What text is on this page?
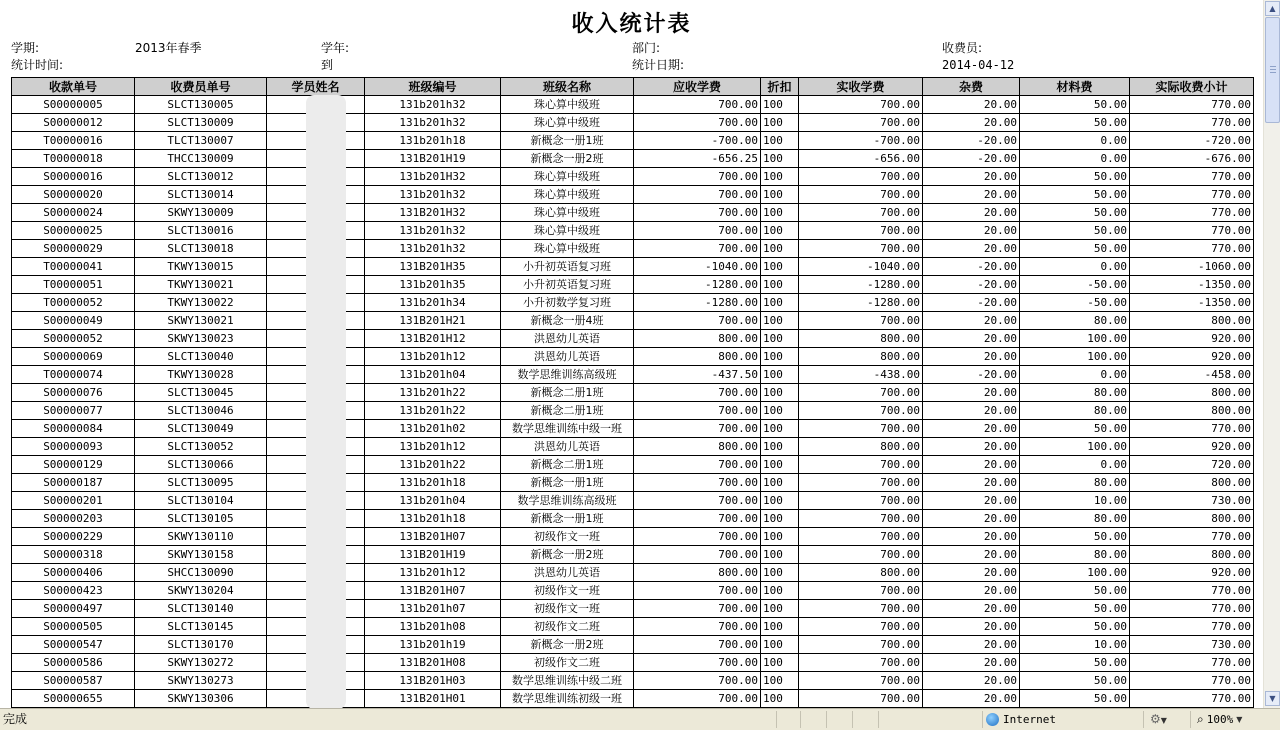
收入统计表
学期:	2013年春季	学年:	部门:	收费员:
统计时间:	到	统计日期:	2014-04-12
收款单号	收费员单号	学员姓名	班级编号	班级名称	应收学费	折扣	实收学费	杂费	材料费	实际收费小计
S00000005	SLCT130005		131b201h32	珠心算中级班	700.00	100	700.00	20.00	50.00	770.00
S00000012	SLCT130009		131b201h32	珠心算中级班	700.00	100	700.00	20.00	50.00	770.00
T00000016	TLCT130007		131b201h18	新概念一册1班	-700.00	100	-700.00	-20.00	0.00	-720.00
T00000018	THCC130009		131B201H19	新概念一册2班	-656.25	100	-656.00	-20.00	0.00	-676.00
S00000016	SLCT130012		131b201H32	珠心算中级班	700.00	100	700.00	20.00	50.00	770.00
S00000020	SLCT130014		131b201h32	珠心算中级班	700.00	100	700.00	20.00	50.00	770.00
S00000024	SKWY130009		131B201H32	珠心算中级班	700.00	100	700.00	20.00	50.00	770.00
S00000025	SLCT130016		131b201h32	珠心算中级班	700.00	100	700.00	20.00	50.00	770.00
S00000029	SLCT130018		131b201h32	珠心算中级班	700.00	100	700.00	20.00	50.00	770.00
T00000041	TKWY130015		131B201H35	小升初英语复习班	-1040.00	100	-1040.00	-20.00	0.00	-1060.00
T00000051	TKWY130021		131b201h35	小升初英语复习班	-1280.00	100	-1280.00	-20.00	-50.00	-1350.00
T00000052	TKWY130022		131b201h34	小升初数学复习班	-1280.00	100	-1280.00	-20.00	-50.00	-1350.00
S00000049	SKWY130021		131B201H21	新概念一册4班	700.00	100	700.00	20.00	80.00	800.00
S00000052	SKWY130023		131B201H12	洪恩幼儿英语	800.00	100	800.00	20.00	100.00	920.00
S00000069	SLCT130040		131b201h12	洪恩幼儿英语	800.00	100	800.00	20.00	100.00	920.00
T00000074	TKWY130028		131b201h04	数学思维训练高级班	-437.50	100	-438.00	-20.00	0.00	-458.00
S00000076	SLCT130045		131b201h22	新概念二册1班	700.00	100	700.00	20.00	80.00	800.00
S00000077	SLCT130046		131b201h22	新概念二册1班	700.00	100	700.00	20.00	80.00	800.00
S00000084	SLCT130049		131b201h02	数学思维训练中级一班	700.00	100	700.00	20.00	50.00	770.00
S00000093	SLCT130052		131b201h12	洪恩幼儿英语	800.00	100	800.00	20.00	100.00	920.00
S00000129	SLCT130066		131b201h22	新概念二册1班	700.00	100	700.00	20.00	0.00	720.00
S00000187	SLCT130095		131b201h18	新概念一册1班	700.00	100	700.00	20.00	80.00	800.00
S00000201	SLCT130104		131b201h04	数学思维训练高级班	700.00	100	700.00	20.00	10.00	730.00
S00000203	SLCT130105		131b201h18	新概念一册1班	700.00	100	700.00	20.00	80.00	800.00
S00000229	SKWY130110		131B201H07	初级作文一班	700.00	100	700.00	20.00	50.00	770.00
S00000318	SKWY130158		131B201H19	新概念一册2班	700.00	100	700.00	20.00	80.00	800.00
S00000406	SHCC130090		131b201h12	洪恩幼儿英语	800.00	100	800.00	20.00	100.00	920.00
S00000423	SKWY130204		131B201H07	初级作文一班	700.00	100	700.00	20.00	50.00	770.00
S00000497	SLCT130140		131b201h07	初级作文一班	700.00	100	700.00	20.00	50.00	770.00
S00000505	SLCT130145		131b201h08	初级作文二班	700.00	100	700.00	20.00	50.00	770.00
S00000547	SLCT130170		131b201h19	新概念一册2班	700.00	100	700.00	20.00	10.00	730.00
S00000586	SKWY130272		131B201H08	初级作文二班	700.00	100	700.00	20.00	50.00	770.00
S00000587	SKWY130273		131B201H03	数学思维训练中级二班	700.00	100	700.00	20.00	50.00	770.00
S00000655	SKWY130306		131B201H01	数学思维训练初级一班	700.00	100	700.00	20.00	50.00	770.00
▲
▼
完成	Internet	⚙▼	⌕ 100% ▼
